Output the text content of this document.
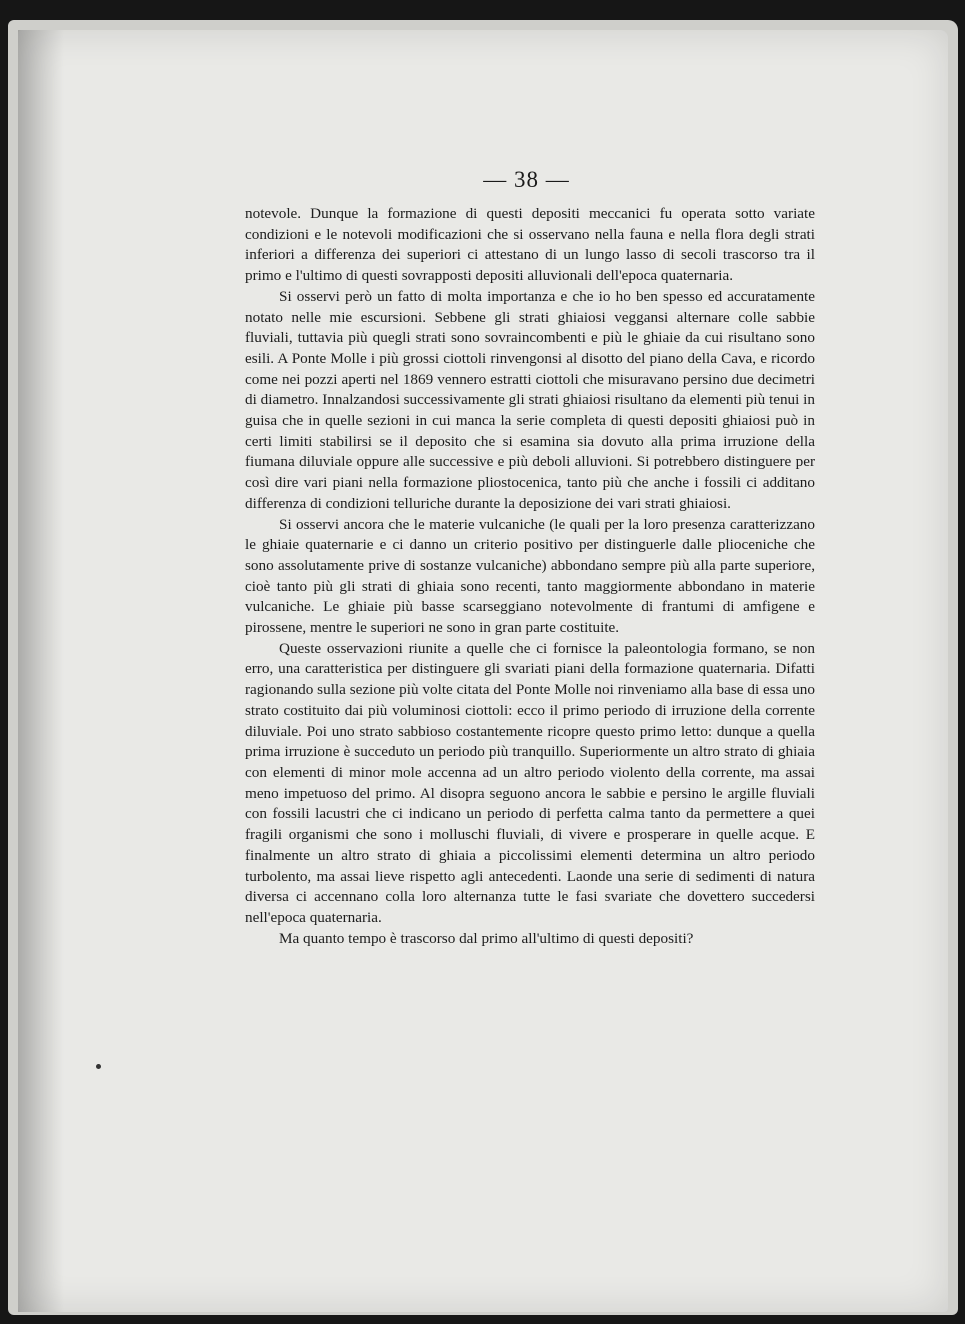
— 38 —

notevole. Dunque la formazione di questi depositi meccanici fu operata sotto variate condizioni e le notevoli modificazioni che si osservano nella fauna e nella flora degli strati inferiori a differenza dei superiori ci attestano di un lungo lasso di secoli trascorso tra il primo e l'ultimo di questi sovrapposti depositi alluvionali dell'epoca quaternaria.

Si osservi però un fatto di molta importanza e che io ho ben spesso ed accuratamente notato nelle mie escursioni. Sebbene gli strati ghiaiosi veggansi alternare colle sabbie fluviali, tuttavia più quegli strati sono sovraincombenti e più le ghiaie da cui risultano sono esili. A Ponte Molle i più grossi ciottoli rinvengonsi al disotto del piano della Cava, e ricordo come nei pozzi aperti nel 1869 vennero estratti ciottoli che misuravano persino due decimetri di diametro. Innalzandosi successivamente gli strati ghiaiosi risultano da elementi più tenui in guisa che in quelle sezioni in cui manca la serie completa di questi depositi ghiaiosi può in certi limiti stabilirsi se il deposito che si esamina sia dovuto alla prima irruzione della fiumana diluviale oppure alle successive e più deboli alluvioni. Si potrebbero distinguere per così dire vari piani nella formazione pliostocenica, tanto più che anche i fossili ci additano differenza di condizioni telluriche durante la deposizione dei vari strati ghiaiosi.

Si osservi ancora che le materie vulcaniche (le quali per la loro presenza caratterizzano le ghiaie quaternarie e ci danno un criterio positivo per distinguerle dalle plioceniche che sono assolutamente prive di sostanze vulcaniche) abbondano sempre più alla parte superiore, cioè tanto più gli strati di ghiaia sono recenti, tanto maggiormente abbondano in materie vulcaniche. Le ghiaie più basse scarseggiano notevolmente di frantumi di amfigene e pirossene, mentre le superiori ne sono in gran parte costituite.

Queste osservazioni riunite a quelle che ci fornisce la paleontologia formano, se non erro, una caratteristica per distinguere gli svariati piani della formazione quaternaria. Difatti ragionando sulla sezione più volte citata del Ponte Molle noi rinveniamo alla base di essa uno strato costituito dai più voluminosi ciottoli: ecco il primo periodo di irruzione della corrente diluviale. Poi uno strato sabbioso costantemente ricopre questo primo letto: dunque a quella prima irruzione è succeduto un periodo più tranquillo. Superiormente un altro strato di ghiaia con elementi di minor mole accenna ad un altro periodo violento della corrente, ma assai meno impetuoso del primo. Al disopra seguono ancora le sabbie e persino le argille fluviali con fossili lacustri che ci indicano un periodo di perfetta calma tanto da permettere a quei fragili organismi che sono i molluschi fluviali, di vivere e prosperare in quelle acque. E finalmente un altro strato di ghiaia a piccolissimi elementi determina un altro periodo turbolento, ma assai lieve rispetto agli antecedenti. Laonde una serie di sedimenti di natura diversa ci accennano colla loro alternanza tutte le fasi svariate che dovettero succedersi nell'epoca quaternaria.

Ma quanto tempo è trascorso dal primo all'ultimo di questi depositi?
